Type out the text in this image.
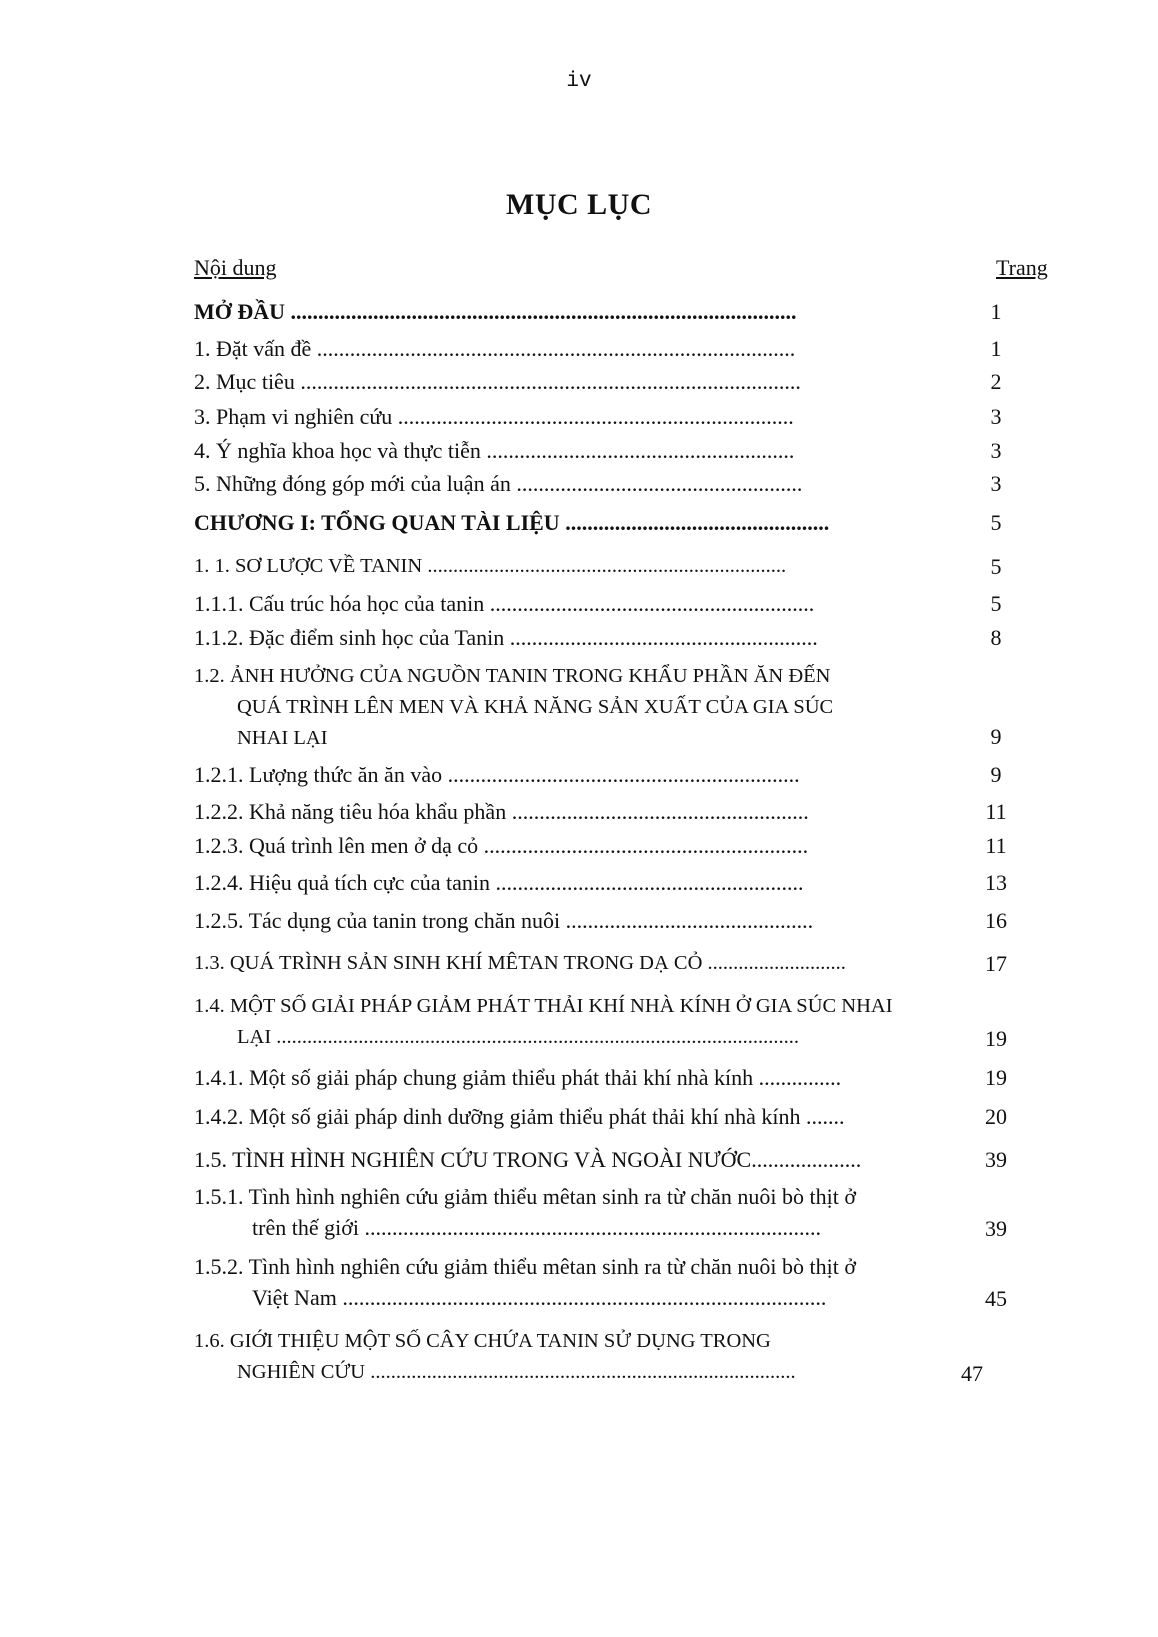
iv
MỤC LỤC
Nội dung	Trang
MỞ ĐẦU ............................................................................................	1
1. Đặt vấn đề .......................................................................................	1
2. Mục tiêu ...........................................................................................	2
3. Phạm vi nghiên cứu ........................................................................	3
4. Ý nghĩa khoa học và thực tiễn ........................................................	3
5. Những đóng góp mới của luận án ....................................................	3
CHƯƠNG I: TỔNG QUAN TÀI LIỆU ................................................	5
1. 1. SƠ LƯỢC VỀ TANIN ......................................................................	5
1.1.1. Cấu trúc hóa học của tanin ...........................................................	5
1.1.2. Đặc điểm sinh học của Tanin ........................................................	8
1.2. ẢNH HƯỞNG CỦA NGUỒN TANIN TRONG KHẨU PHẦN ĂN ĐẾN
QUÁ TRÌNH LÊN MEN VÀ KHẢ NĂNG SẢN XUẤT CỦA GIA SÚC
NHAI LẠI	9
1.2.1. Lượng thức ăn ăn vào ................................................................	9
1.2.2. Khả năng tiêu hóa khẩu phần ......................................................	11
1.2.3. Quá trình lên men ở dạ cỏ ...........................................................	11
1.2.4. Hiệu quả tích cực của tanin ........................................................	13
1.2.5. Tác dụng của tanin trong chăn nuôi .............................................	16
1.3. QUÁ TRÌNH SẢN SINH KHÍ MÊTAN TRONG DẠ CỎ ...........................	17
1.4. MỘT SỐ GIẢI PHÁP GIẢM PHÁT THẢI KHÍ NHÀ KÍNH Ở GIA SÚC NHAI
LẠI ......................................................................................................	19
1.4.1. Một số giải pháp chung giảm thiểu phát thải khí nhà kính ...............	19
1.4.2. Một số giải pháp dinh dưỡng giảm thiểu phát thải khí nhà kính .......	20
1.5. TÌNH HÌNH NGHIÊN CỨU TRONG VÀ NGOÀI NƯỚC....................	39
1.5.1. Tình hình nghiên cứu giảm thiểu mêtan sinh ra từ chăn nuôi bò thịt ở
trên thế giới ...................................................................................	39
1.5.2. Tình hình nghiên cứu giảm thiểu mêtan sinh ra từ chăn nuôi bò thịt ở
Việt Nam ........................................................................................	45
1.6. GIỚI THIỆU MỘT SỐ CÂY CHỨA TANIN SỬ DỤNG TRONG
NGHIÊN CỨU ...................................................................................	47
